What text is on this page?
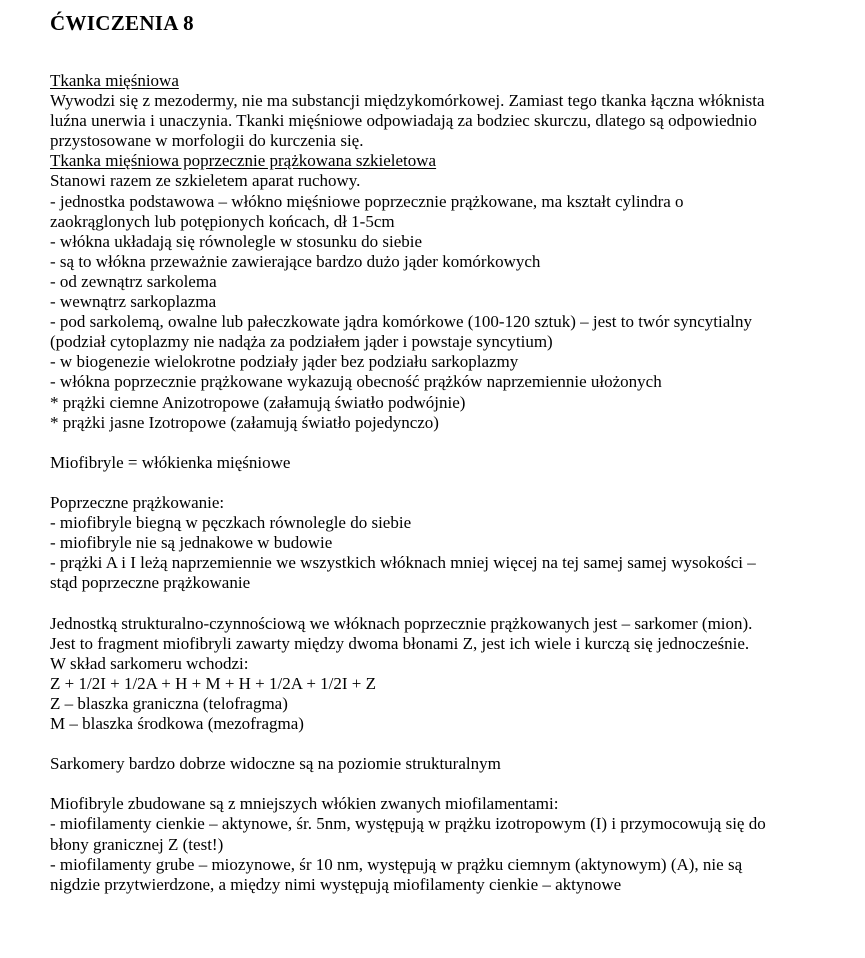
ĆWICZENIA 8
Tkanka mięśniowa
Wywodzi się z mezodermy, nie ma substancji międzykomórkowej. Zamiast tego tkanka łączna włóknista
luźna unerwia i unaczynia. Tkanki mięśniowe odpowiadają za bodziec skurczu, dlatego są odpowiednio
przystosowane w morfologii do kurczenia się.
Tkanka mięśniowa poprzecznie prążkowana szkieletowa
Stanowi razem ze szkieletem aparat ruchowy.
- jednostka podstawowa – włókno mięśniowe poprzecznie prążkowane, ma kształt cylindra o
zaokrąglonych lub potępionych końcach, dł 1-5cm
- włókna układają się równolegle w stosunku do siebie
- są to włókna przeważnie zawierające bardzo dużo jąder komórkowych
- od zewnątrz sarkolema
- wewnątrz sarkoplazma
- pod sarkolemą, owalne lub pałeczkowate jądra komórkowe (100-120 sztuk) – jest to twór syncytialny
(podział cytoplazmy nie nadąża za podziałem jąder i powstaje syncytium)
- w biogenezie wielokrotne podziały jąder bez podziału sarkoplazmy
- włókna poprzecznie prążkowane wykazują obecność prążków naprzemiennie ułożonych
* prążki ciemne Anizotropowe (załamują światło podwójnie)
* prążki jasne Izotropowe (załamują światło pojedynczo)

Miofibryle = włókienka mięśniowe

Poprzeczne prążkowanie:
- miofibryle biegną w pęczkach równolegle do siebie
- miofibryle nie są jednakowe w budowie
- prążki A i I leżą naprzemiennie we wszystkich włóknach mniej więcej na tej samej samej wysokości –
stąd poprzeczne prążkowanie

Jednostką strukturalno-czynnościową we włóknach poprzecznie prążkowanych jest – sarkomer (mion).
Jest to fragment miofibryli zawarty między dwoma błonami Z, jest ich wiele i kurczą się jednocześnie.
W skład sarkomeru wchodzi:
Z + 1/2I + 1/2A + H + M + H + 1/2A + 1/2I + Z
Z – blaszka graniczna (telofragma)
M – blaszka środkowa (mezofragma)

Sarkomery bardzo dobrze widoczne są na poziomie strukturalnym

Miofibryle zbudowane są z mniejszych włókien zwanych miofilamentami:
- miofilamenty cienkie – aktynowe, śr. 5nm, występują w prążku izotropowym (I) i przymocowują się do
błony granicznej Z (test!)
- miofilamenty grube – miozynowe, śr 10 nm, występują w prążku ciemnym (aktynowym) (A), nie są
nigdzie przytwierdzone, a między nimi występują miofilamenty cienkie – aktynowe
